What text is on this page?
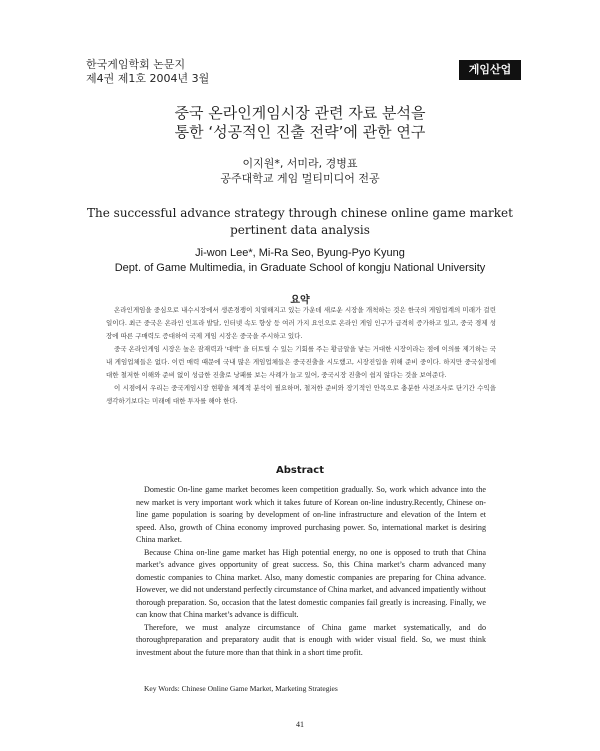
한국게임학회 논문지
제4권 제1호 2004년 3월
게임산업
중국 온라인게임시장 관련 자료 분석을
통한 ‘성공적인 진출 전략’에 관한 연구
이지원*, 서미라, 경병표
공주대학교 게임 멀티미디어 전공
The successful advance strategy through chinese online game market
pertinent data analysis
Ji-won Lee*, Mi-Ra Seo, Byung-Pyo Kyung
Dept. of Game Multimedia, in Graduate School of kongju National University
요약

온라인게임을 중심으로 내수시장에서 생존경쟁이 치열해지고 있는 가운데 새로운 시장을 개척하는 것은 한국의 게임업계의 미래가 걸린 일이다. 최근 중국은 온라인 인프라 발달, 인터넷 속도 향상 등 여러 가지 요인으로 온라인 게임 인구가 급격히 증가하고 있고, 중국 경제 성장에 따른 구매력도 증대하여 국제 게임 시장은 중국을 주시하고 있다.

중국 온라인게임 시장은 높은 잠재력과 '대박' 을 터트릴 수 있는 기회를 주는 황금알을 낳는 거대한 시장이라는 점에 이의를 제기하는 국내 게임업체들은 없다. 이런 매력 때문에 국내 많은 게임업체들은 중국진출을 시도했고, 시장진입을 위해 준비 중이다. 하지만 중국실정에 대한 철저한 이해와 준비 없이 성급한 진출로 낭패를 보는 사례가 늘고 있어, 중국시장 진출이 쉽지 않다는 것을 보여준다.

이 시점에서 우리는 중국게임시장 현황을 체계적 분석이 필요하며, 철저한 준비와 장기적인 안목으로 충분한 사전조사로 단기간 수익을 생각하기보다는 미래에 대한 투자를 해야 한다.

Abstract

Domestic On-line game market becomes keen competition gradually. So, work which advance into the new market is very important work which it takes future of Korean on-line industry.Recently, Chinese on-line game population is soaring by development of on-line infrastructure and elevation of the Intern et speed. Also, growth of China economy improved purchasing power. So, international market is desiring China market.

Because China on-line game market has High potential energy, no one is opposed to truth that China market’s advance gives opportunity of great success. So, this China market’s charm advanced many domestic companies to China market. Also, many domestic companies are preparing for China advance. However, we did not understand perfectly circumstance of China market, and advanced impatiently without thorough preparation. So, occasion that the latest domestic companies fail greatly is increasing. Finally, we can know that China market’s advance is difficult.

Therefore, we must analyze circumstance of China game market systematically, and do thoroughpreparation and preparatory audit that is enough with wider visual field. So, we must think investment about the future more than that think in a short time profit.

Key Words: Chinese Online Game Market, Marketing Strategies
41
